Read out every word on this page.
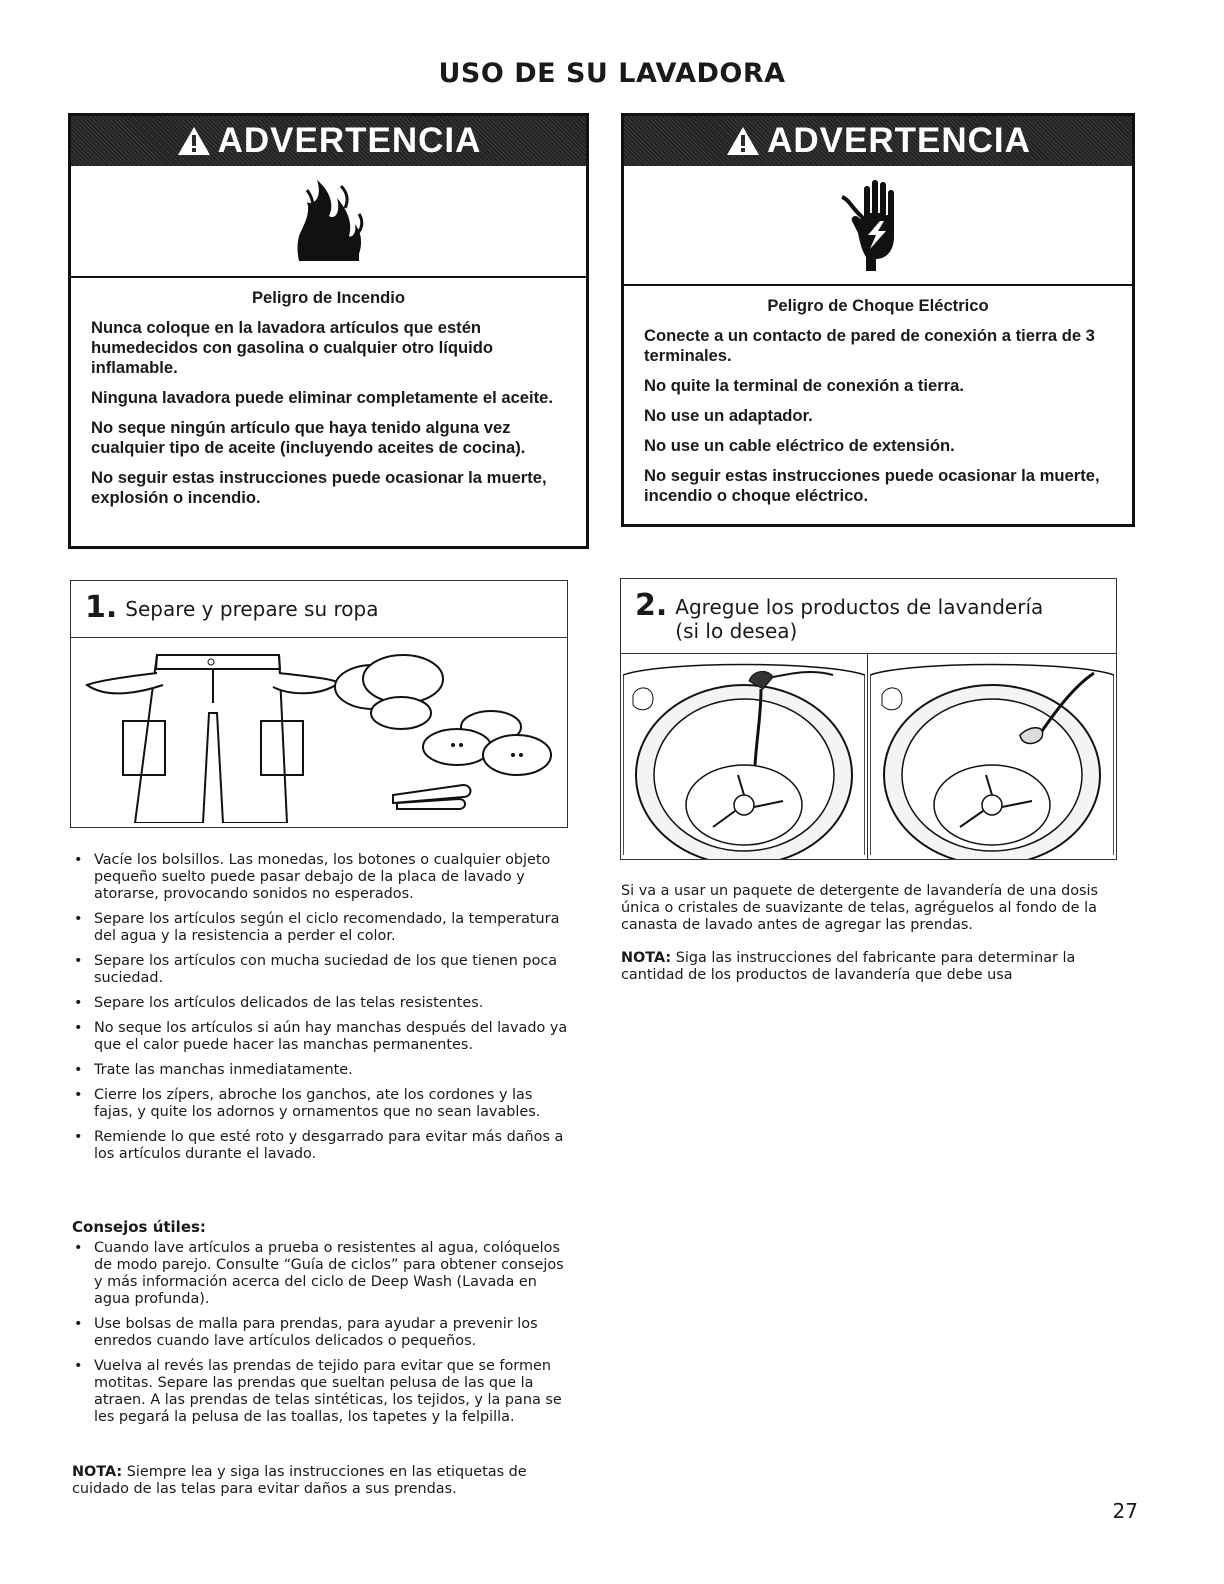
USO DE SU LAVADORA
ADVERTENCIA
Peligro de Incendio

Nunca coloque en la lavadora artículos que estén humedecidos con gasolina o cualquier otro líquido inflamable.

Ninguna lavadora puede eliminar completamente el aceite.

No seque ningún artículo que haya tenido alguna vez cualquier tipo de aceite (incluyendo aceites de cocina).

No seguir estas instrucciones puede ocasionar la muerte, explosión o incendio.

ADVERTENCIA
Peligro de Choque Eléctrico

Conecte a un contacto de pared de conexión a tierra de 3 terminales.

No quite la terminal de conexión a tierra.

No use un adaptador.

No use un cable eléctrico de extensión.

No seguir estas instrucciones puede ocasionar la muerte, incendio o choque eléctrico.

1. Separe y prepare su ropa
• Vacíe los bolsillos. Las monedas, los botones o cualquier objeto pequeño suelto puede pasar debajo de la placa de lavado y atorarse, provocando sonidos no esperados.
• Separe los artículos según el ciclo recomendado, la temperatura del agua y la resistencia a perder el color.
• Separe los artículos con mucha suciedad de los que tienen poca suciedad.
• Separe los artículos delicados de las telas resistentes.
• No seque los artículos si aún hay manchas después del lavado ya que el calor puede hacer las manchas permanentes.
• Trate las manchas inmediatamente.
• Cierre los zípers, abroche los ganchos, ate los cordones y las fajas, y quite los adornos y ornamentos que no sean lavables.
• Remiende lo que esté roto y desgarrado para evitar más daños a los artículos durante el lavado.
Consejos útiles:
• Cuando lave artículos a prueba o resistentes al agua, colóquelos de modo parejo. Consulte “Guía de ciclos” para obtener consejos y más información acerca del ciclo de Deep Wash (Lavada en agua profunda).
• Use bolsas de malla para prendas, para ayudar a prevenir los enredos cuando lave artículos delicados o pequeños.
• Vuelva al revés las prendas de tejido para evitar que se formen motitas. Separe las prendas que sueltan pelusa de las que la atraen. A las prendas de telas sintéticas, los tejidos, y la pana se les pegará la pelusa de las toallas, los tapetes y la felpilla.

NOTA: Siempre lea y siga las instrucciones en las etiquetas de cuidado de las telas para evitar daños a sus prendas.

2. Agregue los productos de lavandería
(si lo desea)

Si va a usar un paquete de detergente de lavandería de una dosis única o cristales de suavizante de telas, agréguelos al fondo de la canasta de lavado antes de agregar las prendas.

NOTA: Siga las instrucciones del fabricante para determinar la cantidad de los productos de lavandería que debe usa

27
